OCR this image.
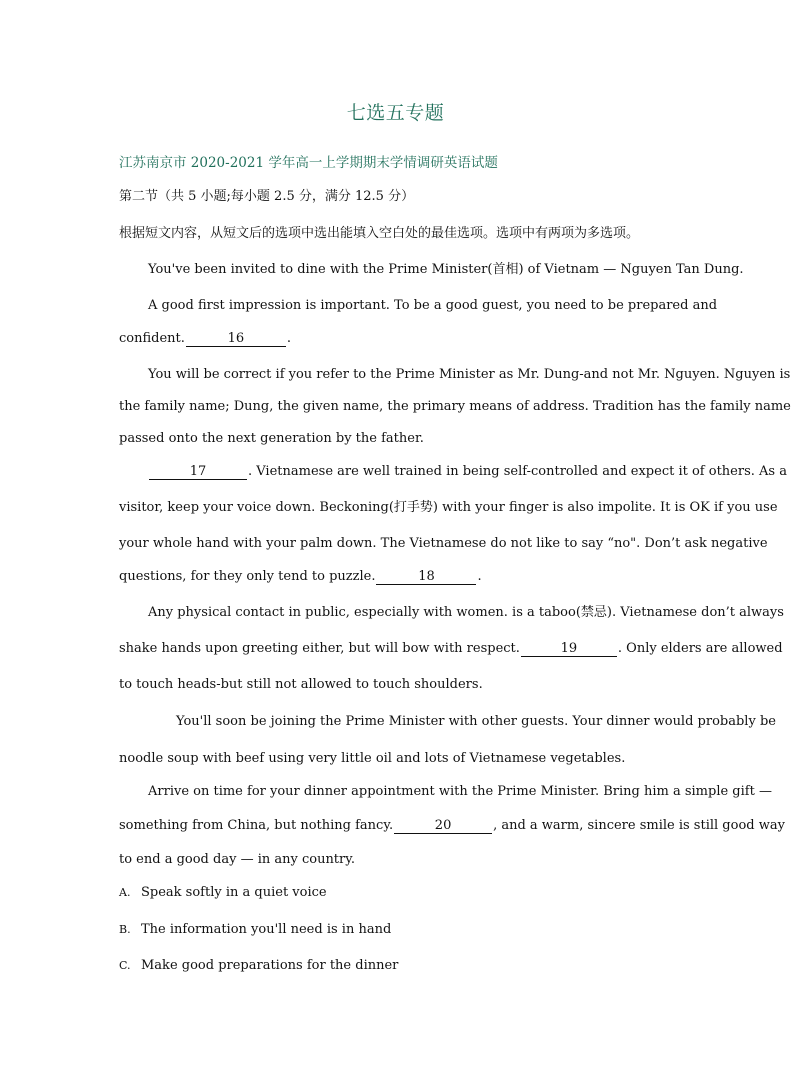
七选五专题
江苏南京市 2020-2021 学年高一上学期期末学情调研英语试题
第二节（共 5 小题;每小题 2.5 分，满分 12.5 分）
根据短文内容，从短文后的选项中选出能填入空白处的最佳选项。选项中有两项为多选项。
You've been invited to dine with the Prime Minister(首相) of Vietnam — Nguyen Tan Dung.
A good first impression is important. To be a good guest, you need to be prepared and
confident.	16	.
You will be correct if you refer to the Prime Minister as Mr. Dung-and not Mr. Nguyen. Nguyen is
the family name; Dung, the given name, the primary means of address. Tradition has the family name
passed onto the next generation by the father.
17	. Vietnamese are well trained in being self-controlled and expect it of others. As a
visitor, keep your voice down. Beckoning(打手势) with your finger is also impolite. It is OK if you use
your whole hand with your palm down. The Vietnamese do not like to say “no". Don’t ask negative
questions, for they only tend to puzzle.	18	.
Any physical contact in public, especially with women. is a taboo(禁忌). Vietnamese don’t always
shake hands upon greeting either, but will bow with respect.	19	. Only elders are allowed
to touch heads-but still not allowed to touch shoulders.
You'll soon be joining the Prime Minister with other guests. Your dinner would probably be
noodle soup with beef using very little oil and lots of Vietnamese vegetables.
Arrive on time for your dinner appointment with the Prime Minister. Bring him a simple gift —
something from China, but nothing fancy.	20	, and a warm, sincere smile is still good way
to end a good day — in any country.
A. Speak softly in a quiet voice
B. The information you'll need is in hand
C. Make good preparations for the dinner
